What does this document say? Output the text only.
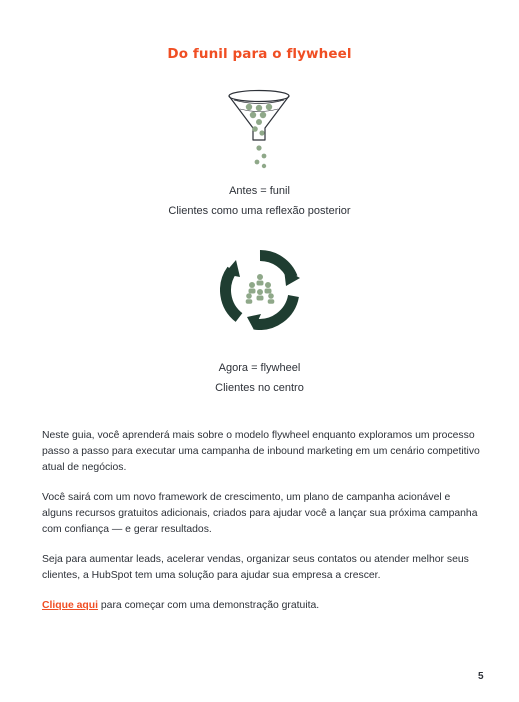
Do funil para o flywheel
Antes = funil
Clientes como uma reflexão posterior
Agora = flywheel
Clientes no centro
Neste guia, você aprenderá mais sobre o modelo flywheel enquanto exploramos um processo passo a passo para executar uma campanha de inbound marketing em um cenário competitivo atual de negócios.
Você sairá com um novo framework de crescimento, um plano de campanha acionável e alguns recursos gratuitos adicionais, criados para ajudar você a lançar sua próxima campanha com confiança — e gerar resultados.
Seja para aumentar leads, acelerar vendas, organizar seus contatos ou atender melhor seus clientes, a HubSpot tem uma solução para ajudar sua empresa a crescer.
Clique aqui para começar com uma demonstração gratuita.
5
